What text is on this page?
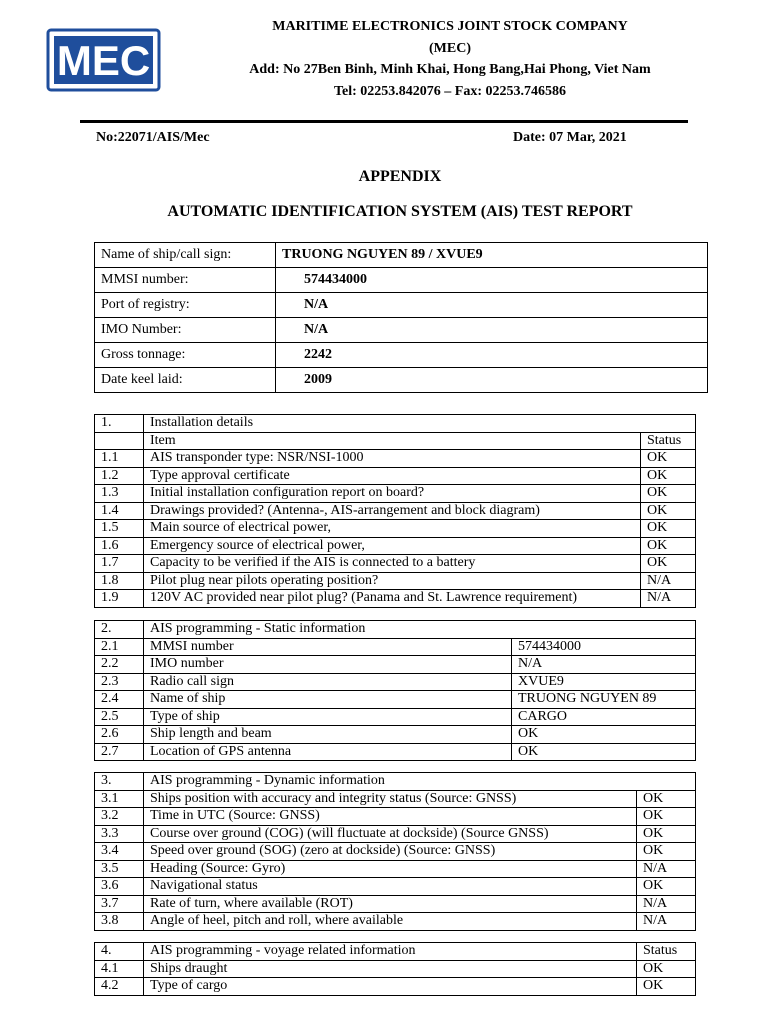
MEC
MARITIME ELECTRONICS JOINT STOCK COMPANY
(MEC)
Add: No 27Ben Binh, Minh Khai, Hong Bang,Hai Phong, Viet Nam
Tel: 02253.842076 – Fax: 02253.746586
No:22071/AIS/Mec	Date: 07 Mar, 2021
APPENDIX
AUTOMATIC IDENTIFICATION SYSTEM (AIS) TEST REPORT
Name of ship/call sign:	TRUONG NGUYEN 89 / XVUE9
MMSI number:	574434000
Port of registry:	N/A
IMO Number:	N/A
Gross tonnage:	2242
Date keel laid:	2009
1.	Installation details	
	Item	Status
1.1	AIS transponder type: NSR/NSI-1000	OK
1.2	Type approval certificate	OK
1.3	Initial installation configuration report on board?	OK
1.4	Drawings provided? (Antenna-, AIS-arrangement and block diagram)	OK
1.5	Main source of electrical power,	OK
1.6	Emergency source of electrical power,	OK
1.7	Capacity to be verified if the AIS is connected to a battery	OK
1.8	Pilot plug near pilots operating position?	N/A
1.9	120V AC provided near pilot plug? (Panama and St. Lawrence requirement)	N/A
2.	AIS programming - Static information	
2.1	MMSI number	574434000
2.2	IMO number	N/A
2.3	Radio call sign	XVUE9
2.4	Name of ship	TRUONG NGUYEN 89
2.5	Type of ship	CARGO
2.6	Ship length and beam	OK
2.7	Location of GPS antenna	OK
3.	AIS programming - Dynamic information	
3.1	Ships position with accuracy and integrity status (Source: GNSS)	OK
3.2	Time in UTC (Source: GNSS)	OK
3.3	Course over ground (COG) (will fluctuate at dockside) (Source GNSS)	OK
3.4	Speed over ground (SOG) (zero at dockside) (Source: GNSS)	OK
3.5	Heading (Source: Gyro)	N/A
3.6	Navigational status	OK
3.7	Rate of turn, where available (ROT)	N/A
3.8	Angle of heel, pitch and roll, where available	N/A
4.	AIS programming - voyage related information	Status
4.1	Ships draught	OK
4.2	Type of cargo	OK
